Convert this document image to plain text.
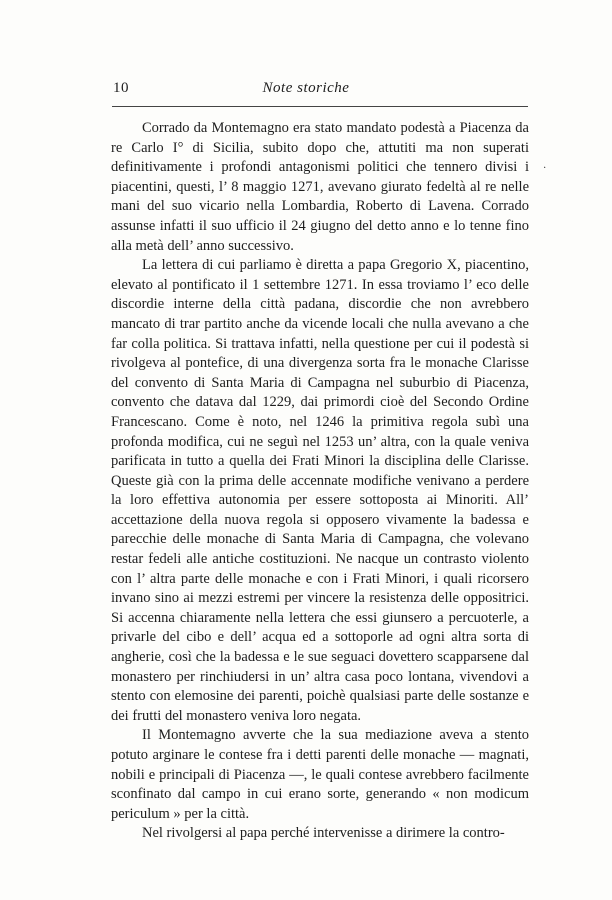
10	Note storiche

Corrado da Montemagno era stato mandato podestà a Piacenza da re Carlo I° di Sicilia, subito dopo che, attutiti ma non superati definitivamente i profondi antagonismi politici che tennero divisi i piacentini, questi, l’ 8 maggio 1271, avevano giurato fedeltà al re nelle mani del suo vicario nella Lombardia, Roberto di Lavena. Corrado assunse infatti il suo ufficio il 24 giugno del detto anno e lo tenne fino alla metà dell’ anno successivo.

La lettera di cui parliamo è diretta a papa Gregorio X, piacentino, elevato al pontificato il 1 settembre 1271. In essa troviamo l’ eco delle discordie interne della città padana, discordie che non avrebbero mancato di trar partito anche da vicende locali che nulla avevano a che far colla politica. Si trattava infatti, nella questione per cui il podestà si rivolgeva al pontefice, di una divergenza sorta fra le monache Clarisse del convento di Santa Maria di Campagna nel suburbio di Piacenza, convento che datava dal 1229, dai primordi cioè del Secondo Ordine Francescano. Come è noto, nel 1246 la primitiva regola subì una profonda modifica, cui ne seguì nel 1253 un’ altra, con la quale veniva parificata in tutto a quella dei Frati Minori la disciplina delle Clarisse. Queste già con la prima delle accennate modifiche venivano a perdere la loro effettiva autonomia per essere sottoposta ai Minoriti. All’ accettazione della nuova regola si opposero vivamente la badessa e parecchie delle monache di Santa Maria di Campagna, che volevano restar fedeli alle antiche costituzioni. Ne nacque un contrasto violento con l’ altra parte delle monache e con i Frati Minori, i quali ricorsero invano sino ai mezzi estremi per vincere la resistenza delle oppositrici. Si accenna chiaramente nella lettera che essi giunsero a percuoterle, a privarle del cibo e dell’ acqua ed a sottoporle ad ogni altra sorta di angherie, così che la badessa e le sue seguaci dovettero scapparsene dal monastero per rinchiudersi in un’ altra casa poco lontana, vivendovi a stento con elemosine dei parenti, poichè qualsiasi parte delle sostanze e dei frutti del monastero veniva loro negata.

Il Montemagno avverte che la sua mediazione aveva a stento potuto arginare le contese fra i detti parenti delle monache — magnati, nobili e principali di Piacenza —, le quali contese avrebbero facilmente sconfinato dal campo in cui erano sorte, generando « non modicum periculum » per la città.

Nel rivolgersi al papa perché intervenisse a dirimere la contro-

․
